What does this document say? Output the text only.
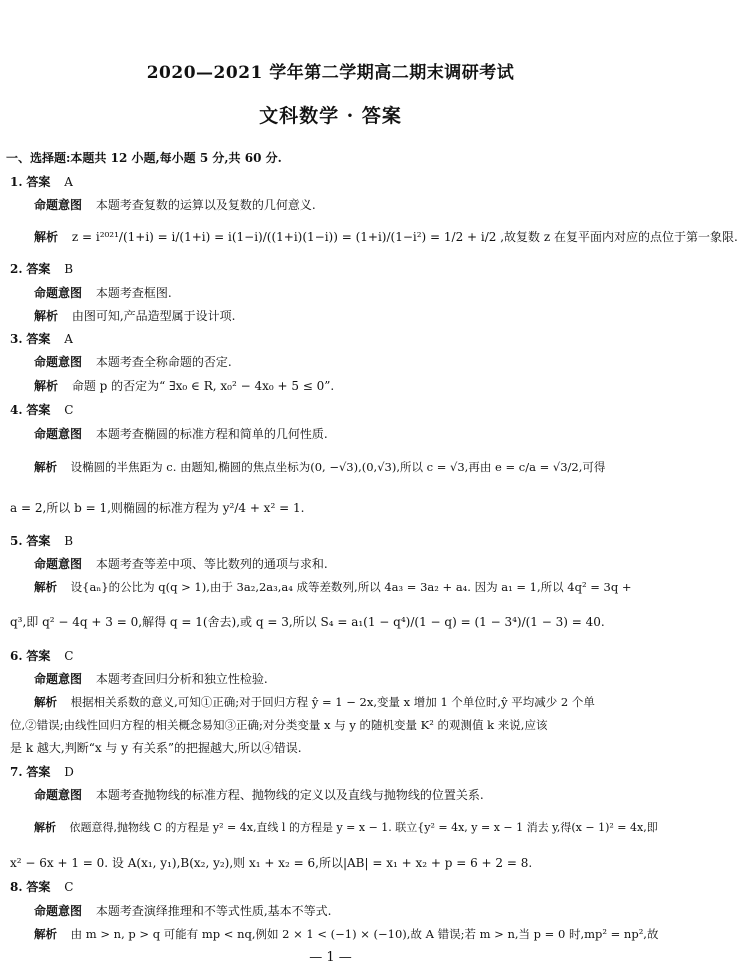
2020—2021 学年第二学期高二期末调研考试
文科数学 · 答案
一、选择题:本题共 12 小题,每小题 5 分,共 60 分.
1. 答案 A
命题意图 本题考查复数的运算以及复数的几何意义.
解析 z = i²⁰²¹/(1+i) = i/(1+i) = i(1−i)/((1+i)(1−i)) = (1+i)/(1−i²) = 1/2 + i/2 ,故复数 z 在复平面内对应的点位于第一象限.
2. 答案 B
命题意图 本题考查框图.
解析 由图可知,产品造型属于设计项.
3. 答案 A
命题意图 本题考查全称命题的否定.
解析 命题 p 的否定为“ ∃x₀ ∈ R, x₀² − 4x₀ + 5 ≤ 0”.
4. 答案 C
命题意图 本题考查椭圆的标准方程和简单的几何性质.
解析 设椭圆的半焦距为 c. 由题知,椭圆的焦点坐标为(0, −√3),(0,√3),所以 c = √3,再由 e = c/a = √3/2,可得
a = 2,所以 b = 1,则椭圆的标准方程为 y²/4 + x² = 1.
5. 答案 B
命题意图 本题考查等差中项、等比数列的通项与求和.
解析 设{aₙ}的公比为 q(q > 1),由于 3a₂,2a₃,a₄ 成等差数列,所以 4a₃ = 3a₂ + a₄. 因为 a₁ = 1,所以 4q² = 3q +
q³,即 q² − 4q + 3 = 0,解得 q = 1(舍去),或 q = 3,所以 S₄ = a₁(1 − q⁴)/(1 − q) = (1 − 3⁴)/(1 − 3) = 40.
6. 答案 C
命题意图 本题考查回归分析和独立性检验.
解析 根据相关系数的意义,可知①正确;对于回归方程 ŷ = 1 − 2x,变量 x 增加 1 个单位时,ŷ 平均减少 2 个单
位,②错误;由线性回归方程的相关概念易知③正确;对分类变量 x 与 y 的随机变量 K² 的观测值 k 来说,应该
是 k 越大,判断“x 与 y 有关系”的把握越大,所以④错误.
7. 答案 D
命题意图 本题考查抛物线的标准方程、抛物线的定义以及直线与抛物线的位置关系.
解析 依题意得,抛物线 C 的方程是 y² = 4x,直线 l 的方程是 y = x − 1. 联立{y² = 4x, y = x − 1 消去 y,得(x − 1)² = 4x,即
x² − 6x + 1 = 0. 设 A(x₁, y₁),B(x₂, y₂),则 x₁ + x₂ = 6,所以|AB| = x₁ + x₂ + p = 6 + 2 = 8.
8. 答案 C
命题意图 本题考查演绎推理和不等式性质,基本不等式.
解析 由 m > n, p > q 可能有 mp < nq,例如 2 × 1 < (−1) × (−10),故 A 错误;若 m > n,当 p = 0 时,mp² = np²,故
— 1 —
